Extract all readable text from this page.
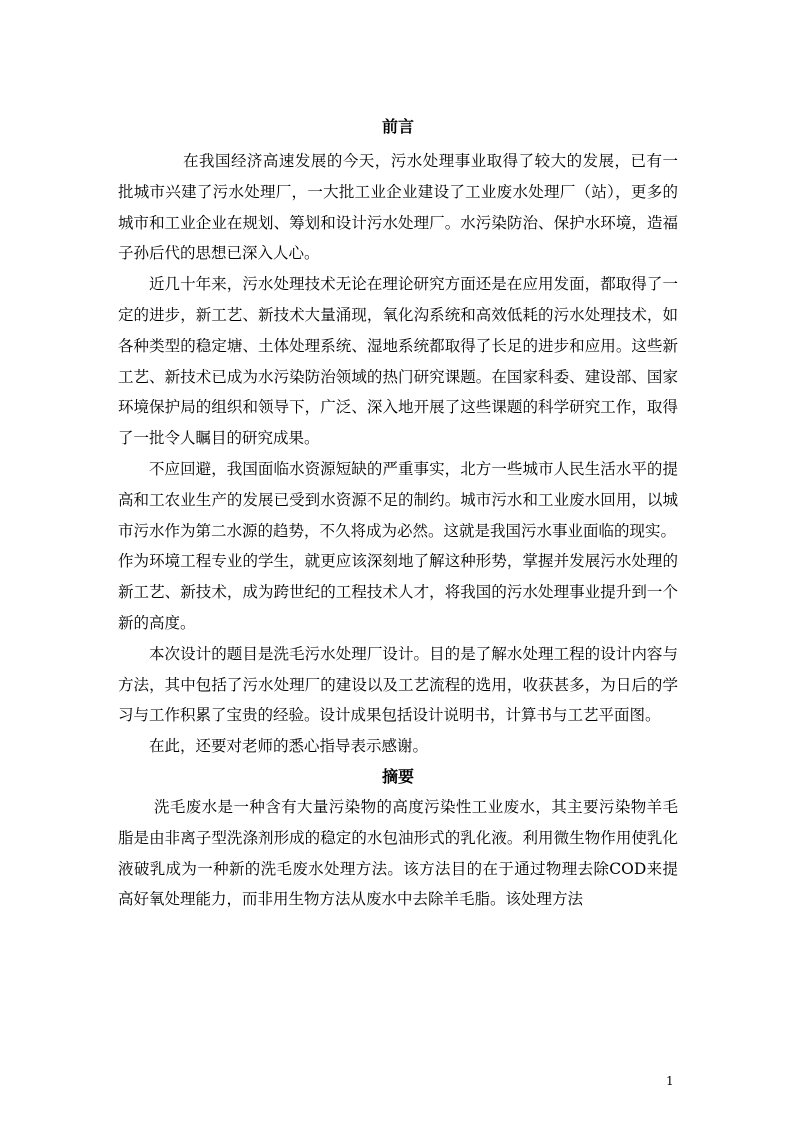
前言

在我国经济高速发展的今天，污水处理事业取得了较大的发展，已有一批城市兴建了污水处理厂，一大批工业企业建设了工业废水处理厂（站），更多的城市和工业企业在规划、筹划和设计污水处理厂。水污染防治、保护水环境，造福子孙后代的思想已深入人心。

近几十年来，污水处理技术无论在理论研究方面还是在应用发面，都取得了一定的进步，新工艺、新技术大量涌现，氧化沟系统和高效低耗的污水处理技术，如各种类型的稳定塘、土体处理系统、湿地系统都取得了长足的进步和应用。这些新工艺、新技术已成为水污染防治领域的热门研究课题。在国家科委、建设部、国家环境保护局的组织和领导下，广泛、深入地开展了这些课题的科学研究工作，取得了一批令人瞩目的研究成果。

不应回避，我国面临水资源短缺的严重事实，北方一些城市人民生活水平的提高和工农业生产的发展已受到水资源不足的制约。城市污水和工业废水回用，以城市污水作为第二水源的趋势，不久将成为必然。这就是我国污水事业面临的现实。

作为环境工程专业的学生，就更应该深刻地了解这种形势，掌握并发展污水处理的新工艺、新技术，成为跨世纪的工程技术人才，将我国的污水处理事业提升到一个新的高度。

本次设计的题目是洗毛污水处理厂设计。目的是了解水处理工程的设计内容与方法，其中包括了污水处理厂的建设以及工艺流程的选用，收获甚多，为日后的学习与工作积累了宝贵的经验。设计成果包括设计说明书，计算书与工艺平面图。

在此，还要对老师的悉心指导表示感谢。

摘要

洗毛废水是一种含有大量污染物的高度污染性工业废水，其主要污染物羊毛脂是由非离子型洗涤剂形成的稳定的水包油形式的乳化液。利用微生物作用使乳化液破乳成为一种新的洗毛废水处理方法。该方法目的在于通过物理去除COD来提高好氧处理能力，而非用生物方法从废水中去除羊毛脂。该处理方法

1
